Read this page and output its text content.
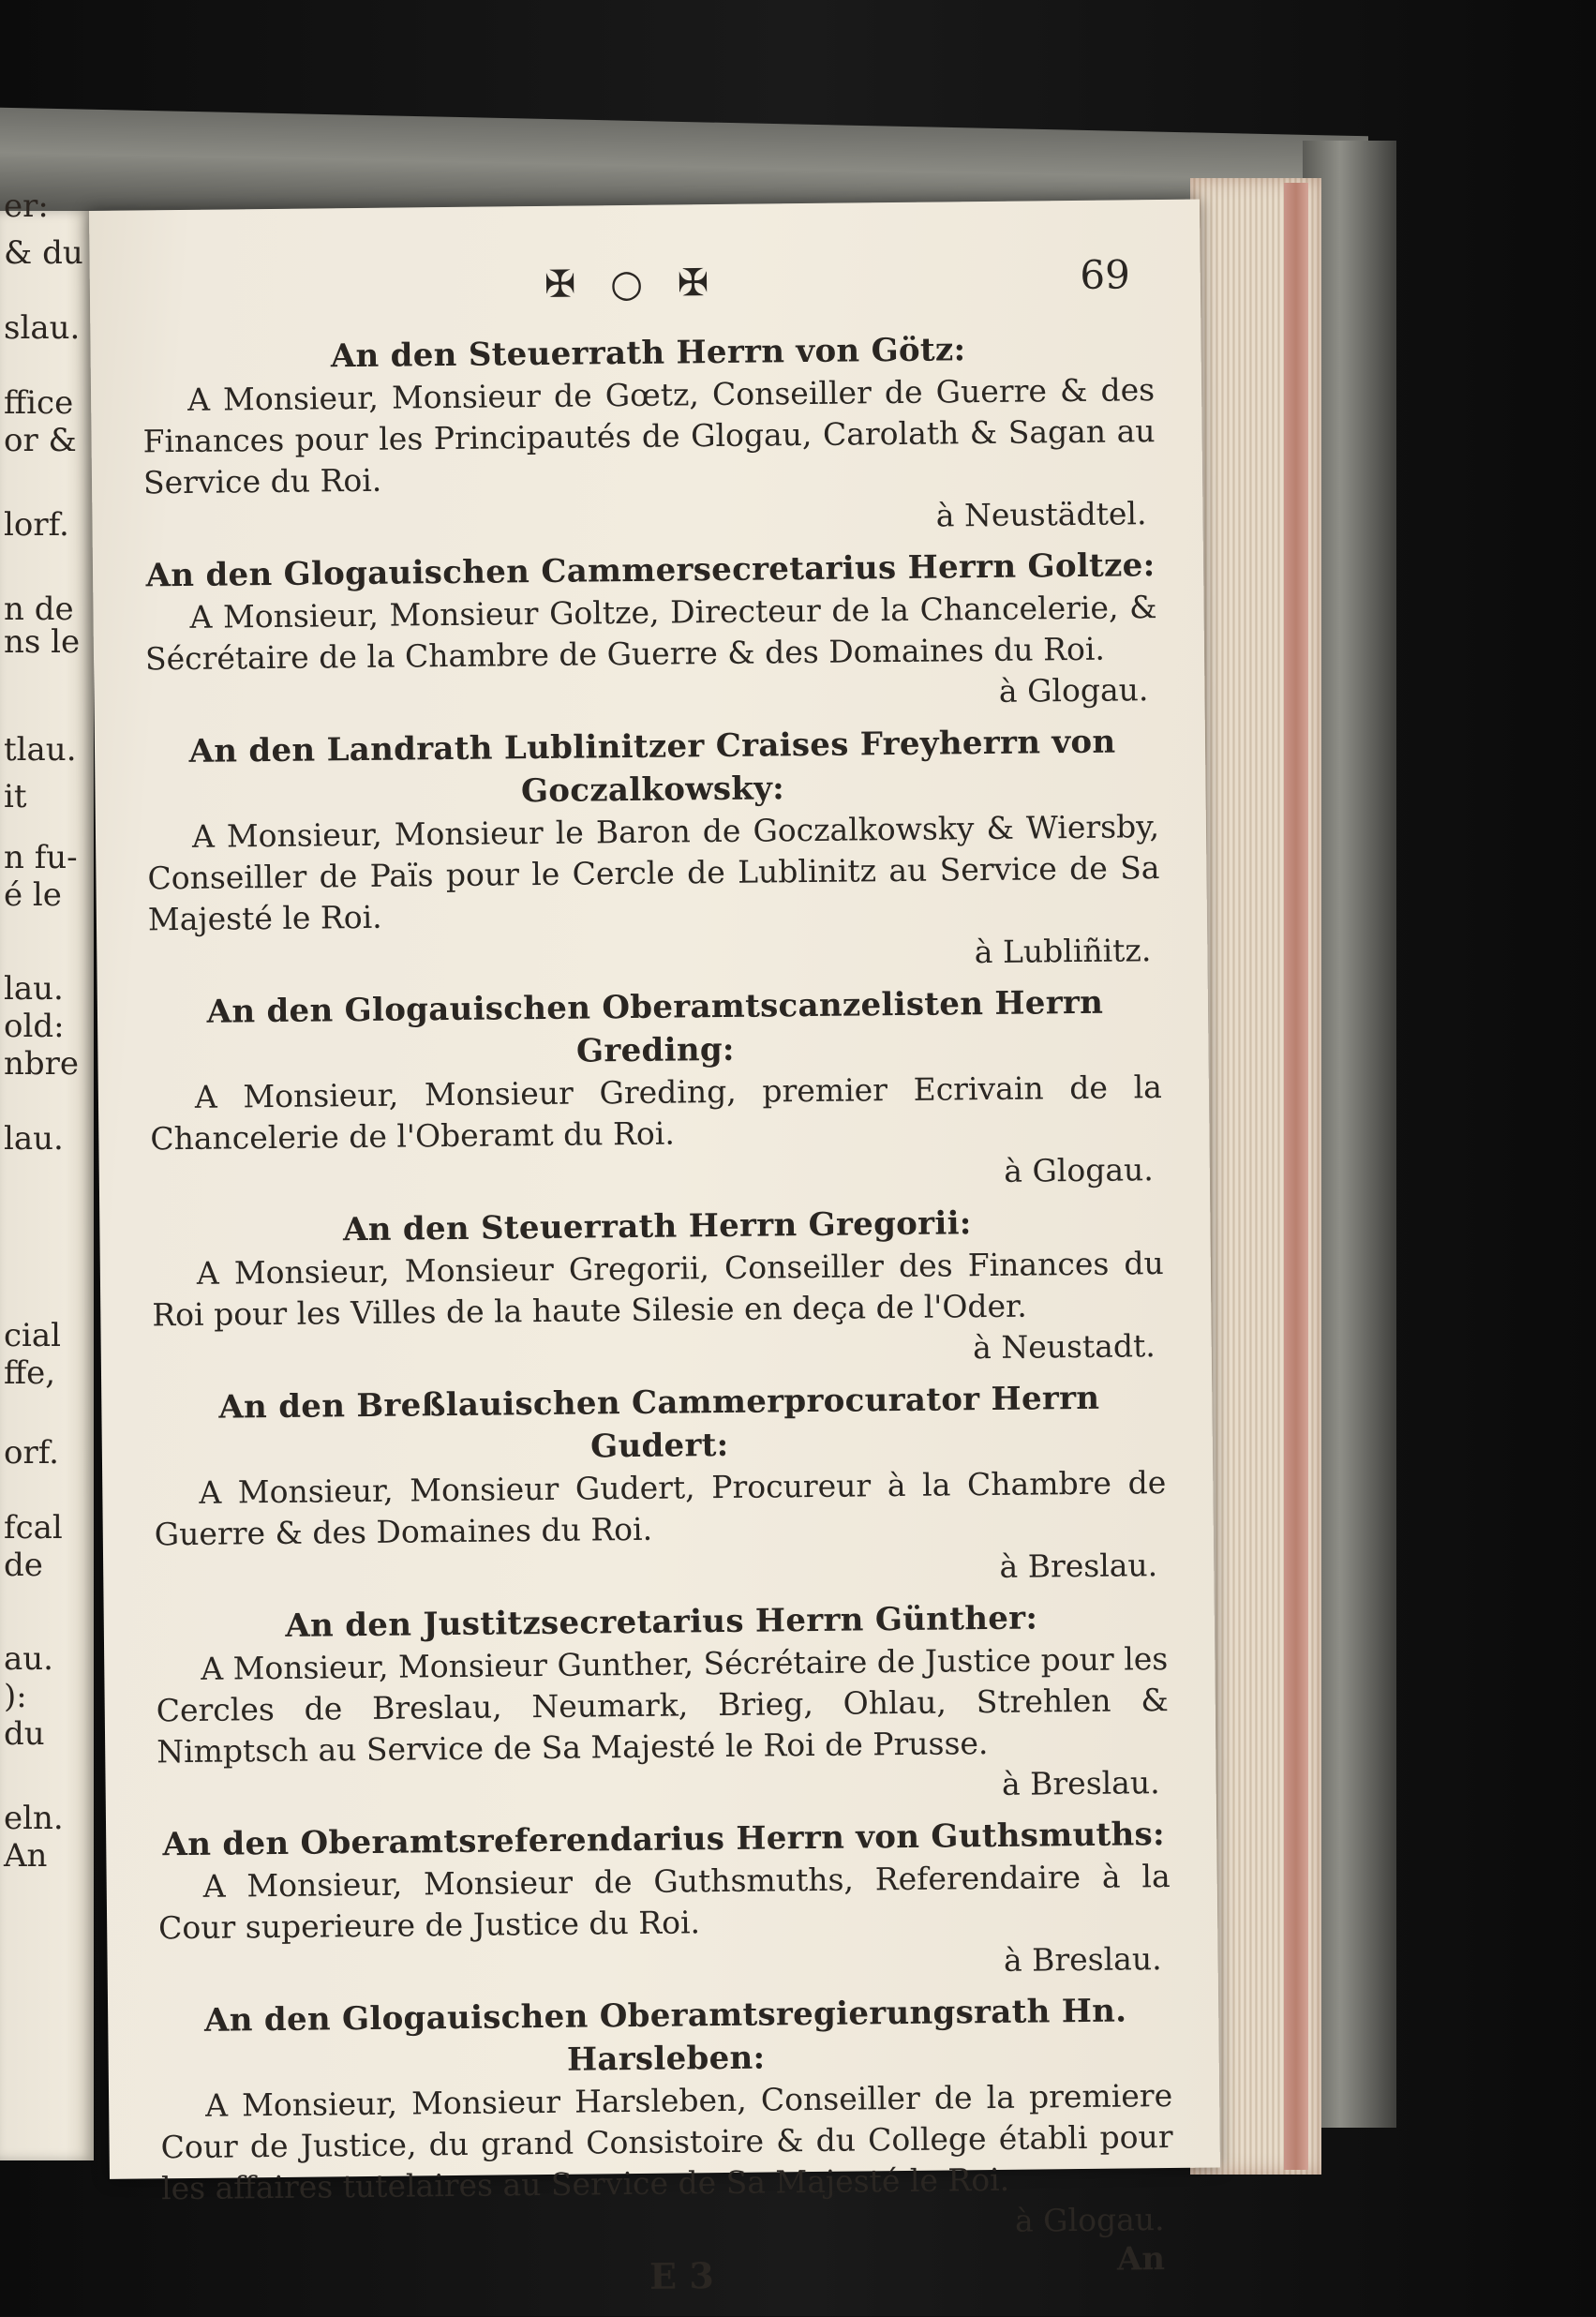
er:
& du
slau.
ffice
or &
lorf.
n de
ns le
tlau.
it
n fu-
é le
lau.
old:
nbre
lau.
cial
ffe,
orf.
fcal
de
au.
):
du
eln.
An
✠ ○ ✠	69
An den Steuerrath Herrn von Götz:
A Monsieur, Monsieur de Gœtz, Conseiller de Guerre & des Finances pour les Principautés de Glogau, Carolath & Sagan au Service du Roi.
à Neustädtel.
An den Glogauischen Cammersecretarius Herrn Goltze:
A Monsieur, Monsieur Goltze, Directeur de la Chancelerie, & Sécrétaire de la Chambre de Guerre & des Domaines du Roi.
à Glogau.
An den Landrath Lublinitzer Craises Freyherrn von Goczalkowsky:
A Monsieur, Monsieur le Baron de Goczalkowsky & Wiersby, Conseiller de Païs pour le Cercle de Lublinitz au Service de Sa Majesté le Roi.
à Lubliñitz.
An den Glogauischen Oberamtscanzelisten Herrn Greding:
A Monsieur, Monsieur Greding, premier Ecrivain de la Chancelerie de l'Oberamt du Roi.
à Glogau.
An den Steuerrath Herrn Gregorii:
A Monsieur, Monsieur Gregorii, Conseiller des Finances du Roi pour les Villes de la haute Silesie en deça de l'Oder.
à Neustadt.
An den Breßlauischen Cammerprocurator Herrn Gudert:
A Monsieur, Monsieur Gudert, Procureur à la Chambre de Guerre & des Domaines du Roi.
à Breslau.
An den Justitzsecretarius Herrn Günther:
A Monsieur, Monsieur Gunther, Sécrétaire de Justice pour les Cercles de Breslau, Neumark, Brieg, Ohlau, Strehlen & Nimptsch au Service de Sa Majesté le Roi de Prusse.
à Breslau.
An den Oberamtsreferendarius Herrn von Guthsmuths:
A Monsieur, Monsieur de Guthsmuths, Referendaire à la Cour superieure de Justice du Roi.
à Breslau.
An den Glogauischen Oberamtsregierungsrath Hn. Harsleben:
A Monsieur, Monsieur Harsleben, Conseiller de la premiere Cour de Justice, du grand Consistoire & du College établi pour les affaires tutelaires au Service de Sa Majesté le Roi.
à Glogau.
E 3	An
